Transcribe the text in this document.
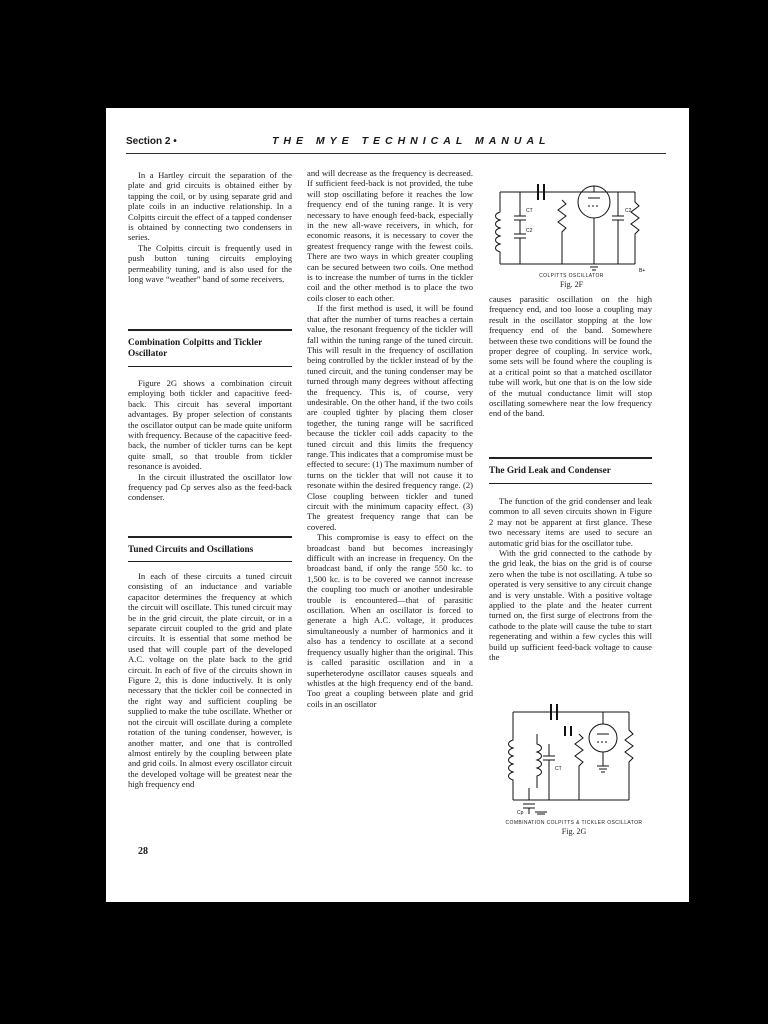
Section 2 •	THE MYE TECHNICAL MANUAL

In a Hartley circuit the separation of the plate and grid circuits is obtained either by tapping the coil, or by using separate grid and plate coils in an inductive relationship. In a Colpitts circuit the effect of a tapped condenser is obtained by connecting two condensers in series.

The Colpitts circuit is frequently used in push button tuning circuits employing permeability tuning, and is also used for the long wave “weather” band of some receivers.

Combination Colpitts and Tickler Oscillator

Figure 2G shows a combination circuit employing both tickler and capacitive feed-back. This circuit has several important advantages. By proper selection of constants the oscillator output can be made quite uniform with frequency. Because of the capacitive feed-back, the number of tickler turns can be kept quite small, so that trouble from tickler resonance is avoided.

In the circuit illustrated the oscillator low frequency pad Cp serves also as the feed-back condenser.

Tuned Circuits and Oscillations

In each of these circuits a tuned circuit consisting of an inductance and variable capacitor determines the frequency at which the circuit will oscillate. This tuned circuit may be in the grid circuit, the plate circuit, or in a separate circuit coupled to the grid and plate circuits. It is essential that some method be used that will couple part of the developed A.C. voltage on the plate back to the grid circuit. In each of five of the circuits shown in Figure 2, this is done inductively. It is only necessary that the tickler coil be connected in the right way and sufficient coupling be supplied to make the tube oscillate. Whether or not the circuit will oscillate during a complete rotation of the tuning condenser, however, is another matter, and one that is controlled almost entirely by the coupling between plate and grid coils. In almost every oscillator circuit the developed voltage will be greatest near the high frequency end

and will decrease as the frequency is decreased. If sufficient feed-back is not provided, the tube will stop oscillating before it reaches the low frequency end of the tuning range. It is very necessary to have enough feed-back, especially in the new all-wave receivers, in which, for economic reasons, it is necessary to cover the greatest frequency range with the fewest coils. There are two ways in which greater coupling can be secured between two coils. One method is to increase the number of turns in the tickler coil and the other method is to place the two coils closer to each other.

If the first method is used, it will be found that after the number of turns reaches a certain value, the resonant frequency of the tickler will fall within the tuning range of the tuned circuit. This will result in the frequency of oscillation being controlled by the tickler instead of by the tuned circuit, and the tuning condenser may be turned through many degrees without affecting the frequency. This is, of course, very undesirable. On the other hand, if the two coils are coupled tighter by placing them closer together, the tuning range will be sacrificed because the tickler coil adds capacity to the tuned circuit and this limits the frequency range. This indicates that a compromise must be effected to secure: (1) The maximum number of turns on the tickler that will not cause it to resonate within the desired frequency range. (2) Close coupling between tickler and tuned circuit with the minimum capacity effect. (3) The greatest frequency range that can be covered.

This compromise is easy to effect on the broadcast band but becomes increasingly difficult with an increase in frequency. On the broadcast band, if only the range 550 kc. to 1,500 kc. is to be covered we cannot increase the coupling too much or another undesirable trouble is encountered—that of parasitic oscillation. When an oscillator is forced to generate a high A.C. voltage, it produces simultaneously a number of harmonics and it also has a tendency to oscillate at a second frequency usually higher than the original. This is called parasitic oscillation and in a superheterodyne oscillator causes squeals and whistles at the high frequency end of the band. Too great a coupling between plate and grid coils in an oscillator

CT
C2
C2
B+
COLPITTS OSCILLATOR
Fig. 2F

causes parasitic oscillation on the high frequency end, and too loose a coupling may result in the oscillator stopping at the low frequency end of the band. Somewhere between these two conditions will be found the proper degree of coupling. In service work, some sets will be found where the coupling is at a critical point so that a matched oscillator tube will work, but one that is on the low side of the mutual conductance limit will stop oscillating somewhere near the low frequency end of the band.

The Grid Leak and Condenser

The function of the grid condenser and leak common to all seven circuits shown in Figure 2 may not be apparent at first glance. These two necessary items are used to secure an automatic grid bias for the oscillator tube.

With the grid connected to the cathode by the grid leak, the bias on the grid is of course zero when the tube is not oscillating. A tube so operated is very sensitive to any circuit change and is very unstable. With a positive voltage applied to the plate and the heater current turned on, the first surge of electrons from the cathode to the plate will cause the tube to start regenerating and within a few cycles this will build up sufficient feed-back voltage to cause the

CT
Cp
COMBINATION COLPITTS & TICKLER OSCILLATOR
Fig. 2G
28
